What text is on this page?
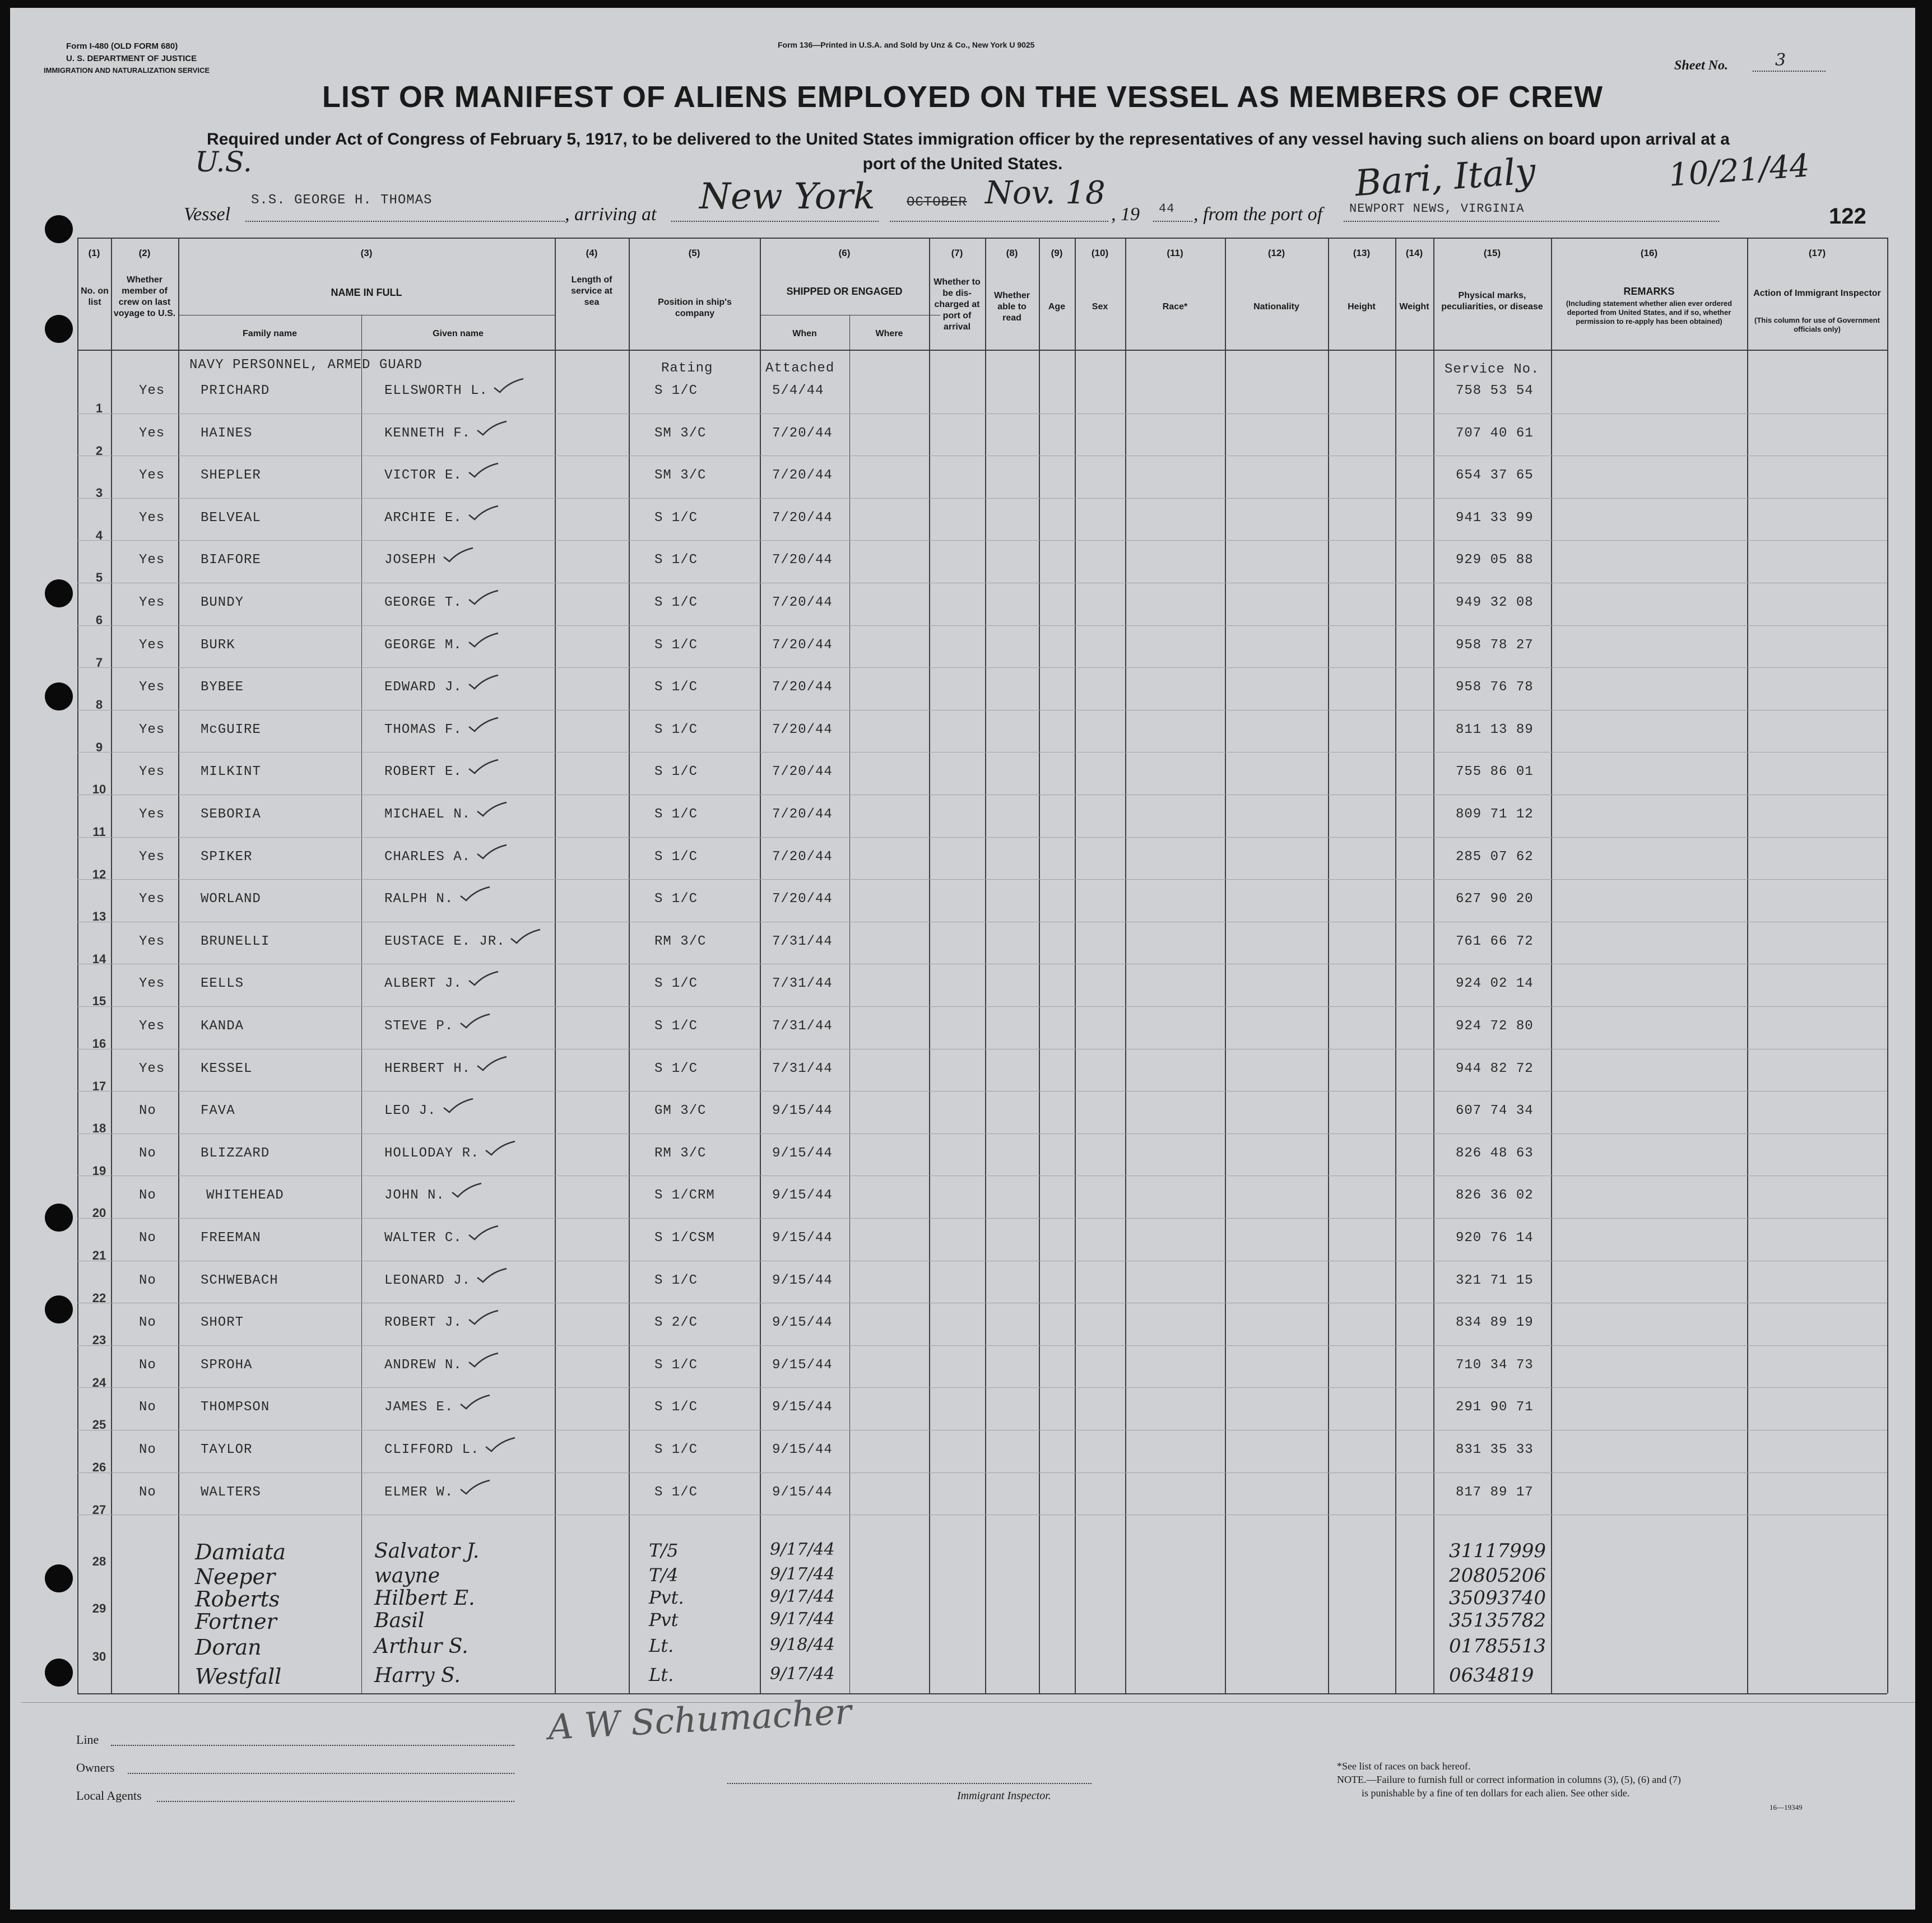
Form I-480 (OLD FORM 680)
U. S. DEPARTMENT OF JUSTICE
IMMIGRATION AND NATURALIZATION SERVICE
Form 136—Printed in U.S.A. and Sold by Unz & Co., New York U 9025
Sheet No.	3
LIST OR MANIFEST OF ALIENS EMPLOYED ON THE VESSEL AS MEMBERS OF CREW
Required under Act of Congress of February 5, 1917, to be delivered to the United States immigration officer by the representatives of any vessel having such aliens on board upon arrival at a
port of the United States.
U.S.
Vessel
S.S. GEORGE H. THOMAS
, arriving at New York OCTOBER Nov. 18
, 19 44 , from the port of NEWPORT NEWS, VIRGINIA
Bari, Italy	10/21/44
122
(1)	(2)	(3)	(4)	(5)	(6)	(7)	(8)	(9)	(10)	(11)	(12)	(13)	(14)	(15)	(16)	(17)
No. on list
Whether member of crew on last voyage to U.S.
NAME IN FULL
Family name	Given name
Length of service at sea	Position in ship's company
SHIPPED OR ENGAGED
When	Where
Whether to be dis- charged at port of arrival
Whether able to read
Age	Sex	Race*	Nationality	Height	Weight
Physical marks, peculiarities, or disease
REMARKS
(Including statement whether alien ever ordered deported from United States, and if so, whether permission to re-apply has been obtained)
Action of Immigrant Inspector
(This column for use of Government officials only)
NAVY PERSONNEL, ARMED GUARD	Rating	Attached	Service No.
1
Yes	PRICHARD	ELLSWORTH L.	S 1/C	5/4/44	758 53 54
2
Yes	HAINES	KENNETH F.	SM 3/C	7/20/44	707 40 61
3
Yes	SHEPLER	VICTOR E.	SM 3/C	7/20/44	654 37 65
4
Yes	BELVEAL	ARCHIE E.	S 1/C	7/20/44	941 33 99
5
Yes	BIAFORE	JOSEPH	S 1/C	7/20/44	929 05 88
6
Yes	BUNDY	GEORGE T.	S 1/C	7/20/44	949 32 08
7
Yes	BURK	GEORGE M.	S 1/C	7/20/44	958 78 27
8
Yes	BYBEE	EDWARD J.	S 1/C	7/20/44	958 76 78
9
Yes	McGUIRE	THOMAS F.	S 1/C	7/20/44	811 13 89
10
Yes	MILKINT	ROBERT E.	S 1/C	7/20/44	755 86 01
11
Yes	SEBORIA	MICHAEL N.	S 1/C	7/20/44	809 71 12
12
Yes	SPIKER	CHARLES A.	S 1/C	7/20/44	285 07 62
13
Yes	WORLAND	RALPH N.	S 1/C	7/20/44	627 90 20
14
Yes	BRUNELLI	EUSTACE E. JR.	RM 3/C	7/31/44	761 66 72
15
Yes	EELLS	ALBERT J.	S 1/C	7/31/44	924 02 14
16
Yes	KANDA	STEVE P.	S 1/C	7/31/44	924 72 80
17
Yes	KESSEL	HERBERT H.	S 1/C	7/31/44	944 82 72
18
No	FAVA	LEO J.	GM 3/C	9/15/44	607 74 34
19
No	BLIZZARD	HOLLODAY R.	RM 3/C	9/15/44	826 48 63
20
No	WHITEHEAD	JOHN N.	S 1/CRM	9/15/44	826 36 02
21
No	FREEMAN	WALTER C.	S 1/CSM	9/15/44	920 76 14
22
No	SCHWEBACH	LEONARD J.	S 1/C	9/15/44	321 71 15
23
No	SHORT	ROBERT J.	S 2/C	9/15/44	834 89 19
24
No	SPROHA	ANDREW N.	S 1/C	9/15/44	710 34 73
25
No	THOMPSON	JAMES E.	S 1/C	9/15/44	291 90 71
26
No	TAYLOR	CLIFFORD L.	S 1/C	9/15/44	831 35 33
27
No	WALTERS	ELMER W.	S 1/C	9/15/44	817 89 17
28	Damiata	Salvator J.	T/5	9/17/44	31117999
Neeper	wayne	T/4	9/17/44	20805206
29	Roberts	Hilbert E.	Pvt.	9/17/44	35093740
Fortner	Basil	Pvt	9/17/44	35135782
30	Doran	Arthur S.	Lt.	9/18/44	01785513
Westfall	Harry S.	Lt.	9/17/44	0634819
Line
Owners
Local Agents
A W Schumacher
Immigrant Inspector.
*See list of races on back hereof.
NOTE.—Failure to furnish full or correct information in columns (3), (5), (6) and (7)
is punishable by a fine of ten dollars for each alien. See other side.
16—19349
